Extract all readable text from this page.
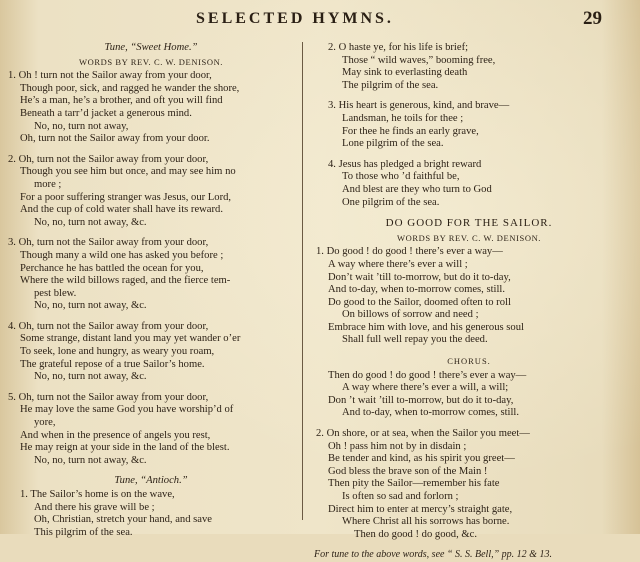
SELECTED HYMNS.	29
Tune, “Sweet Home.”
WORDS BY REV. C. W. DENISON.
1. Oh ! turn not the Sailor away from your door,
Though poor, sick, and ragged he wander the shore,
He’s a man, he’s a brother, and oft you will find
Beneath a tarr’d jacket a generous mind.
No, no, turn not away,
Oh, turn not the Sailor away from your door.
2. Oh, turn not the Sailor away from your door,
Though you see him but once, and may see him no
more ;
For a poor suffering stranger was Jesus, our Lord,
And the cup of cold water shall have its reward.
No, no, turn not away, &c.
3. Oh, turn not the Sailor away from your door,
Though many a wild one has asked you before ;
Perchance he has battled the ocean for you,
Where the wild billows raged, and the fierce tem-
pest blew.
No, no, turn not away, &c.
4. Oh, turn not the Sailor away from your door,
Some strange, distant land you may yet wander o’er
To seek, lone and hungry, as weary you roam,
The grateful repose of a true Sailor’s home.
No, no, turn not away, &c.
5. Oh, turn not the Sailor away from your door,
He may love the same God you have worship’d of
yore,
And when in the presence of angels you rest,
He may reign at your side in the land of the blest.
No, no, turn not away, &c.
Tune, “Antioch.”
1. The Sailor’s home is on the wave,
And there his grave will be ;
Oh, Christian, stretch your hand, and save
This pilgrim of the sea.
2. O haste ye, for his life is brief;
Those “ wild waves,” booming free,
May sink to everlasting death
The pilgrim of the sea.
3. His heart is generous, kind, and brave—
Landsman, he toils for thee ;
For thee he finds an early grave,
Lone pilgrim of the sea.
4. Jesus has pledged a bright reward
To those who ’d faithful be,
And blest are they who turn to God
One pilgrim of the sea.
DO GOOD FOR THE SAILOR.
WORDS BY REV. C. W. DENISON.
1. Do good ! do good ! there’s ever a way—
A way where there’s ever a will ;
Don’t wait ’till to-morrow, but do it to-day,
And to-day, when to-morrow comes, still.
Do good to the Sailor, doomed often to roll
On billows of sorrow and need ;
Embrace him with love, and his generous soul
Shall full well repay you the deed.
CHORUS.
Then do good ! do good ! there’s ever a way—
A way where there’s ever a will, a will;
Don ’t wait ’till to-morrow, but do it to-day,
And to-day, when to-morrow comes, still.
2. On shore, or at sea, when the Sailor you meet—
Oh ! pass him not by in disdain ;
Be tender and kind, as his spirit you greet—
God bless the brave son of the Main !
Then pity the Sailor—remember his fate
Is often so sad and forlorn ;
Direct him to enter at mercy’s straight gate,
Where Christ all his sorrows has borne.
Then do good ! do good, &c.
For tune to the above words, see “ S. S. Bell,” pp. 12 & 13.
